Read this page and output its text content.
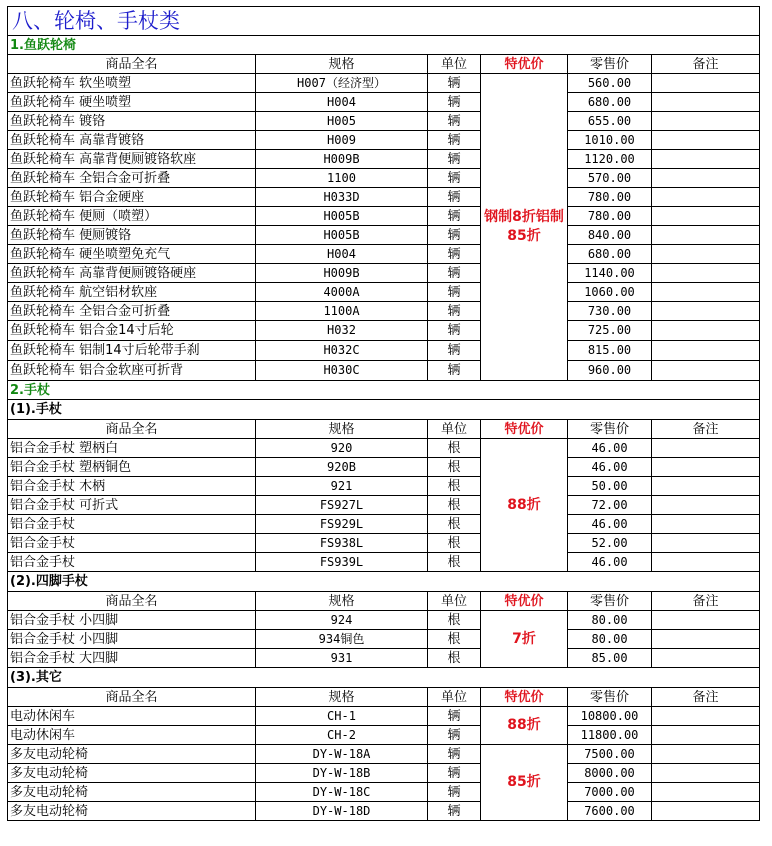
八、轮椅、手杖类					
1.鱼跃轮椅					
商品全名	规格	单位	特优价	零售价	备注
鱼跃轮椅车 软坐喷塑	H007（经济型）	辆	钢制8折铝制85折	560.00	
鱼跃轮椅车 硬坐喷塑	H004	辆		680.00	
鱼跃轮椅车 镀铬	H005	辆		655.00	
鱼跃轮椅车 高靠背镀铬	H009	辆		1010.00	
鱼跃轮椅车 高靠背便厕镀铬软座	H009B	辆		1120.00	
鱼跃轮椅车 全铝合金可折叠	1100	辆		570.00	
鱼跃轮椅车 铝合金硬座	H033D	辆		780.00	
鱼跃轮椅车 便厕（喷塑）	H005B	辆		780.00	
鱼跃轮椅车 便厕镀铬	H005B	辆		840.00	
鱼跃轮椅车 硬坐喷塑免充气	H004	辆		680.00	
鱼跃轮椅车 高靠背便厕镀铬硬座	H009B	辆		1140.00	
鱼跃轮椅车 航空铝材软座	4000A	辆		1060.00	
鱼跃轮椅车 全铝合金可折叠	1100A	辆		730.00	
鱼跃轮椅车 铝合金14寸后轮	H032	辆		725.00	
鱼跃轮椅车 铝制14寸后轮带手刹	H032C	辆		815.00	
鱼跃轮椅车 铝合金软座可折背	H030C	辆		960.00	
2.手杖					
(1).手杖					
商品全名	规格	单位	特优价	零售价	备注
铝合金手杖 塑柄白	920	根	88折	46.00	
铝合金手杖 塑柄铜色	920B	根		46.00	
铝合金手杖 木柄	921	根		50.00	
铝合金手杖 可折式	FS927L	根		72.00	
铝合金手杖	FS929L	根		46.00	
铝合金手杖	FS938L	根		52.00	
铝合金手杖	FS939L	根		46.00	
(2).四脚手杖					
商品全名	规格	单位	特优价	零售价	备注
铝合金手杖 小四脚	924	根	7折	80.00	
铝合金手杖 小四脚	934铜色	根		80.00	
铝合金手杖 大四脚	931	根		85.00	
(3).其它					
商品全名	规格	单位	特优价	零售价	备注
电动休闲车	CH-1	辆	88折	10800.00	
电动休闲车	CH-2	辆		11800.00	
多友电动轮椅	DY-W-18A	辆	85折	7500.00	
多友电动轮椅	DY-W-18B	辆		8000.00	
多友电动轮椅	DY-W-18C	辆		7000.00	
多友电动轮椅	DY-W-18D	辆		7600.00	
